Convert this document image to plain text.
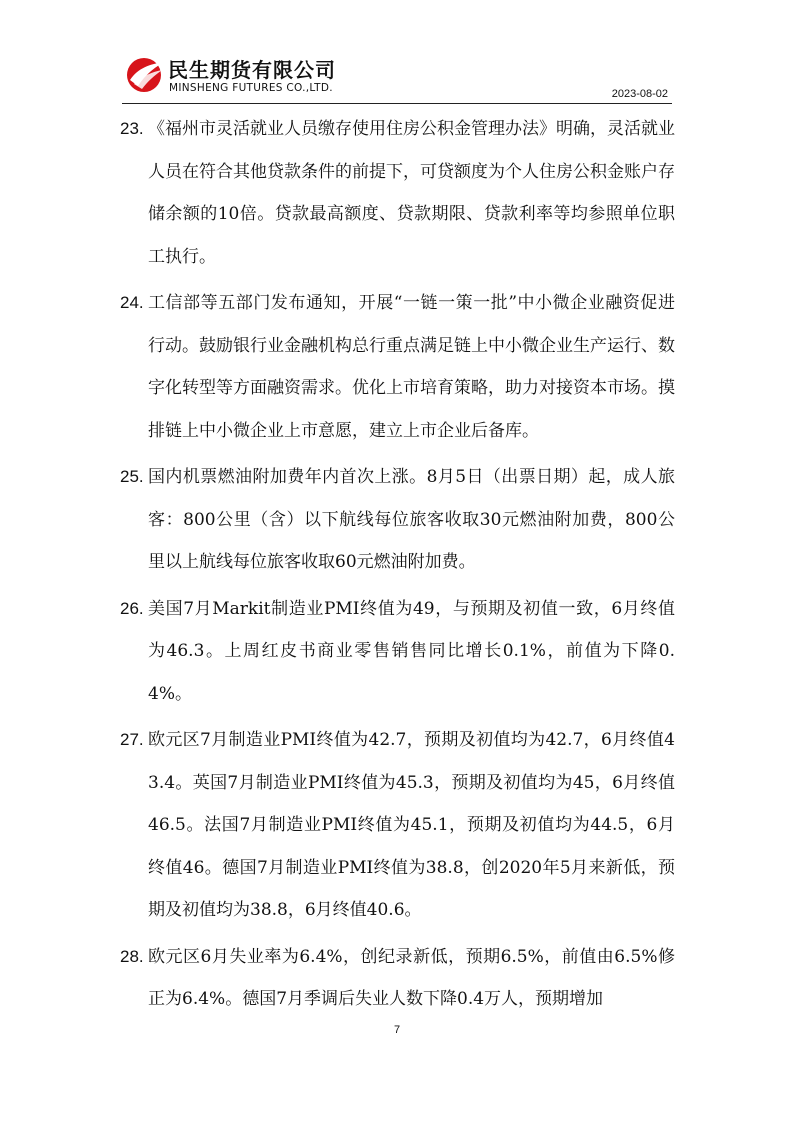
民生期货有限公司
MINSHENG FUTURES CO.,LTD.	2023-08-02
23. 《福州市灵活就业人员缴存使用住房公积金管理办法》明确，灵活就业人员在符合其他贷款条件的前提下，可贷额度为个人住房公积金账户存储余额的10倍。贷款最高额度、贷款期限、贷款利率等均参照单位职工执行。
24. 工信部等五部门发布通知，开展“一链一策一批”中小微企业融资促进行动。鼓励银行业金融机构总行重点满足链上中小微企业生产运行、数字化转型等方面融资需求。优化上市培育策略，助力对接资本市场。摸排链上中小微企业上市意愿，建立上市企业后备库。
25. 国内机票燃油附加费年内首次上涨。8月5日（出票日期）起，成人旅客：800公里（含）以下航线每位旅客收取30元燃油附加费，800公里以上航线每位旅客收取60元燃油附加费。
26. 美国7月Markit制造业PMI终值为49，与预期及初值一致，6月终值为46.3。上周红皮书商业零售销售同比增长0.1%，前值为下降0.4%。
27. 欧元区7月制造业PMI终值为42.7，预期及初值均为42.7，6月终值43.4。英国7月制造业PMI终值为45.3，预期及初值均为45，6月终值46.5。法国7月制造业PMI终值为45.1，预期及初值均为44.5，6月终值46。德国7月制造业PMI终值为38.8，创2020年5月来新低，预期及初值均为38.8，6月终值40.6。
28. 欧元区6月失业率为6.4%，创纪录新低，预期6.5%，前值由6.5%修正为6.4%。德国7月季调后失业人数下降0.4万人，预期增加
7
